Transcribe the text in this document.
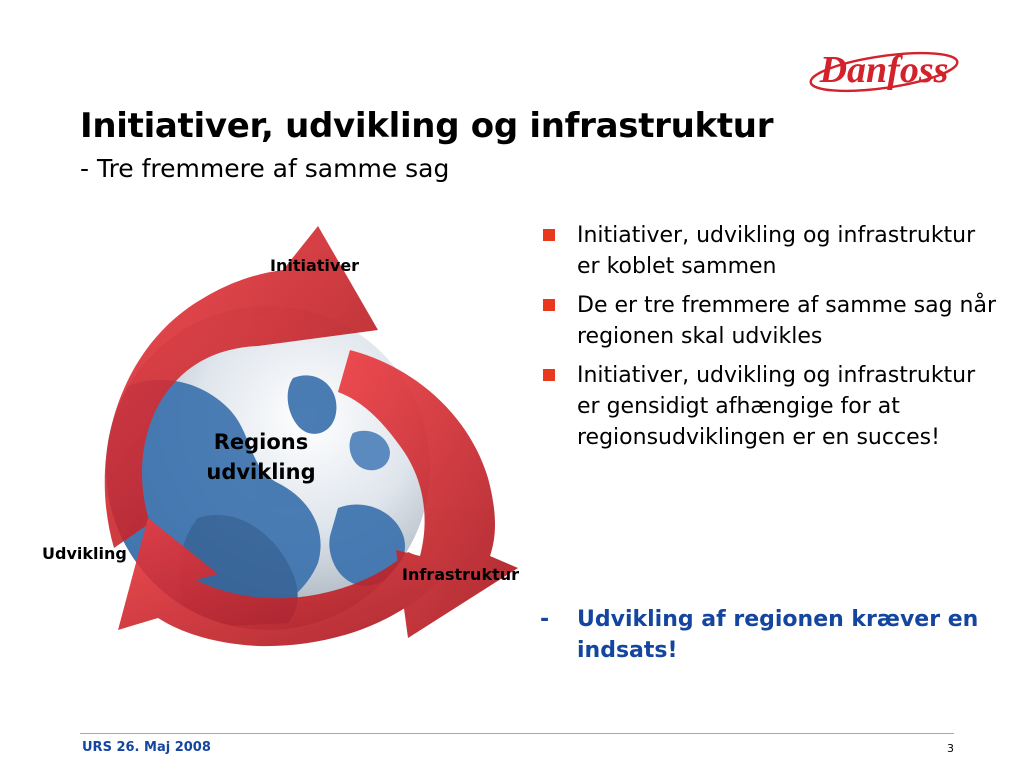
Danfoss
Initiativer, udvikling og infrastruktur
- Tre fremmere af samme sag
Initiativer
Udvikling
Infrastruktur
Regions
udvikling
Initiativer, udvikling og infrastruktur er koblet sammen
De er tre fremmere af samme sag når regionen skal udvikles
Initiativer, udvikling og infrastruktur er gensidigt afhængige for at regionsudviklingen er en succes!
- Udvikling af regionen kræver en indsats!
URS 26. Maj 2008	3
